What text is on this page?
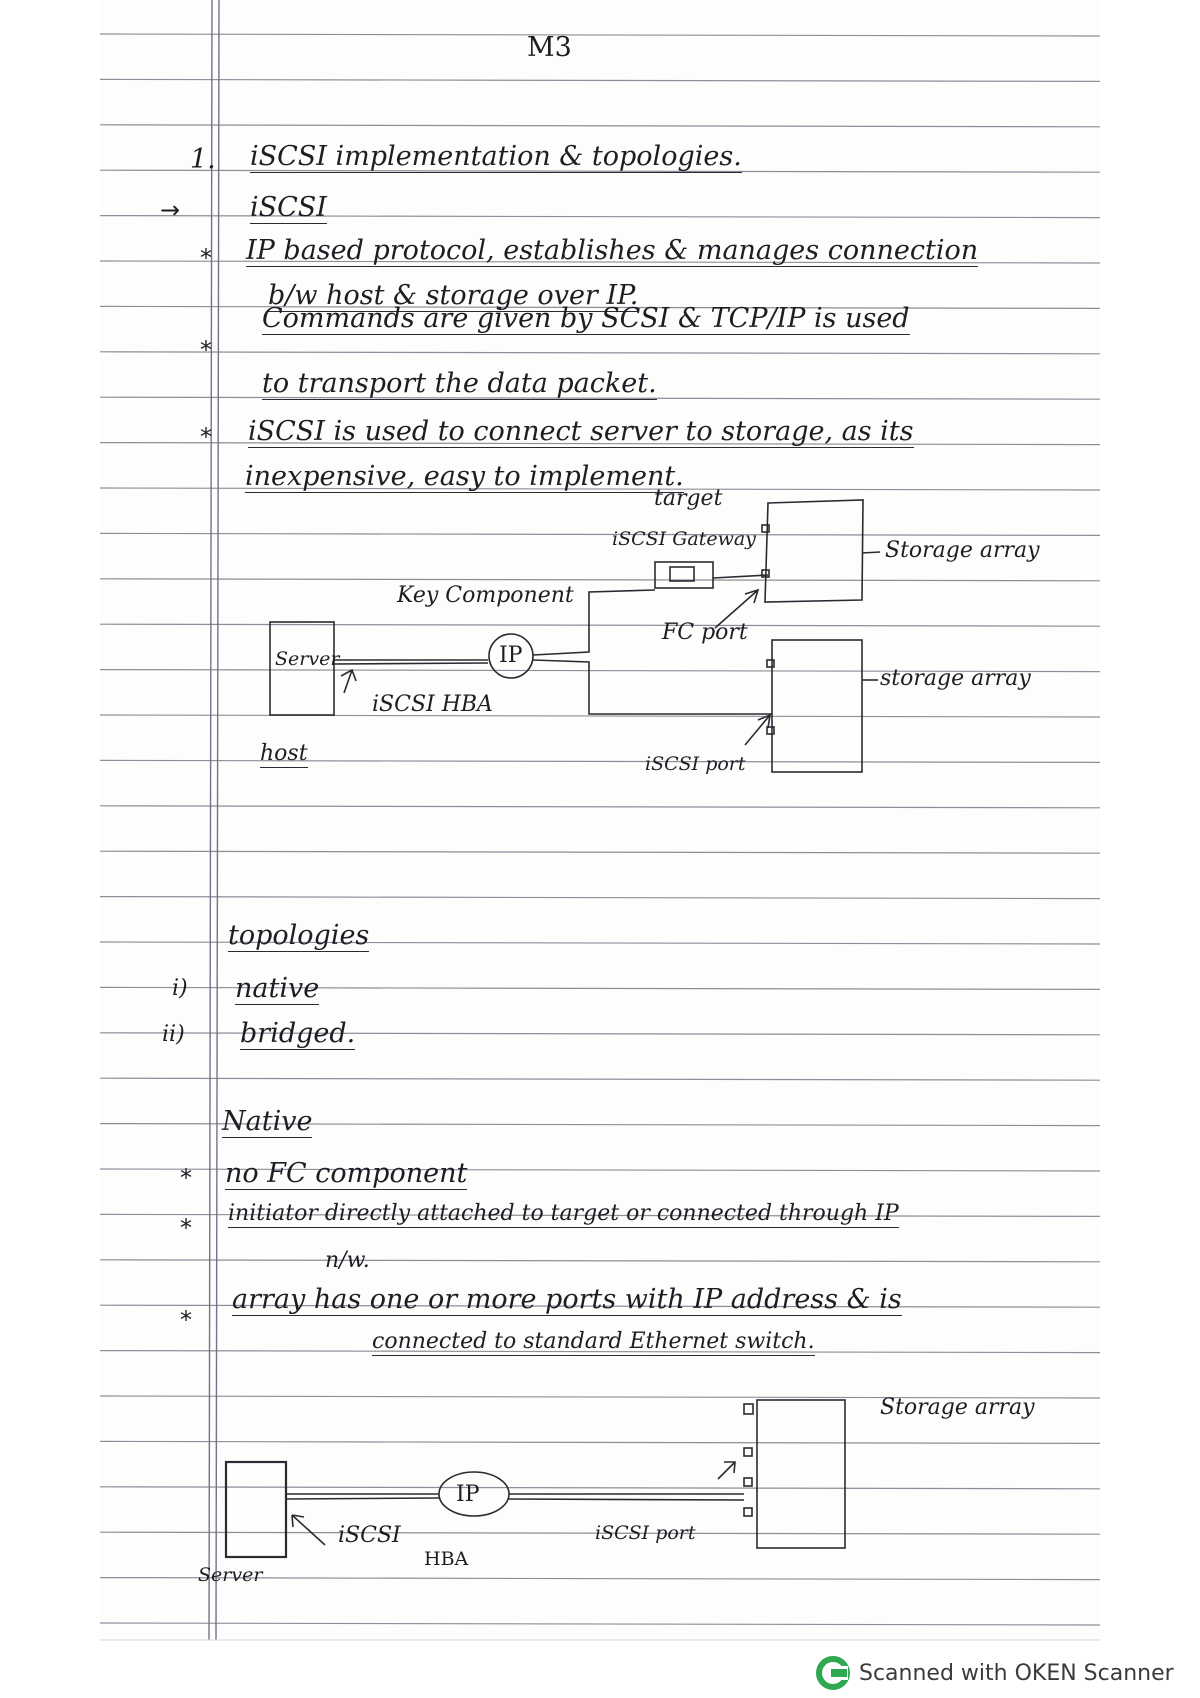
M3
1. iSCSI implementation & topologies.
→	iSCSI
* IP based protocol, establishes & manages connection
b/w host & storage over IP.
*
Commands are given by SCSI & TCP/IP is used
to transport the data packet.
* iSCSI is used to connect server to storage, as its
inexpensive, easy to implement.
target
iSCSI Gateway	Storage array
Key Component
FC port
Server	IP
iSCSI HBA
storage array
host	iSCSI port
topologies
i) native
ii) bridged.
Native
* no FC component
*
initiator directly attached to target or connected through IP
n/w.
*
array has one or more ports with IP address & is
connected to standard Ethernet switch.
Storage array
IP
iSCSI
HBA
iSCSI port
Server
Scanned with OKEN Scanner
